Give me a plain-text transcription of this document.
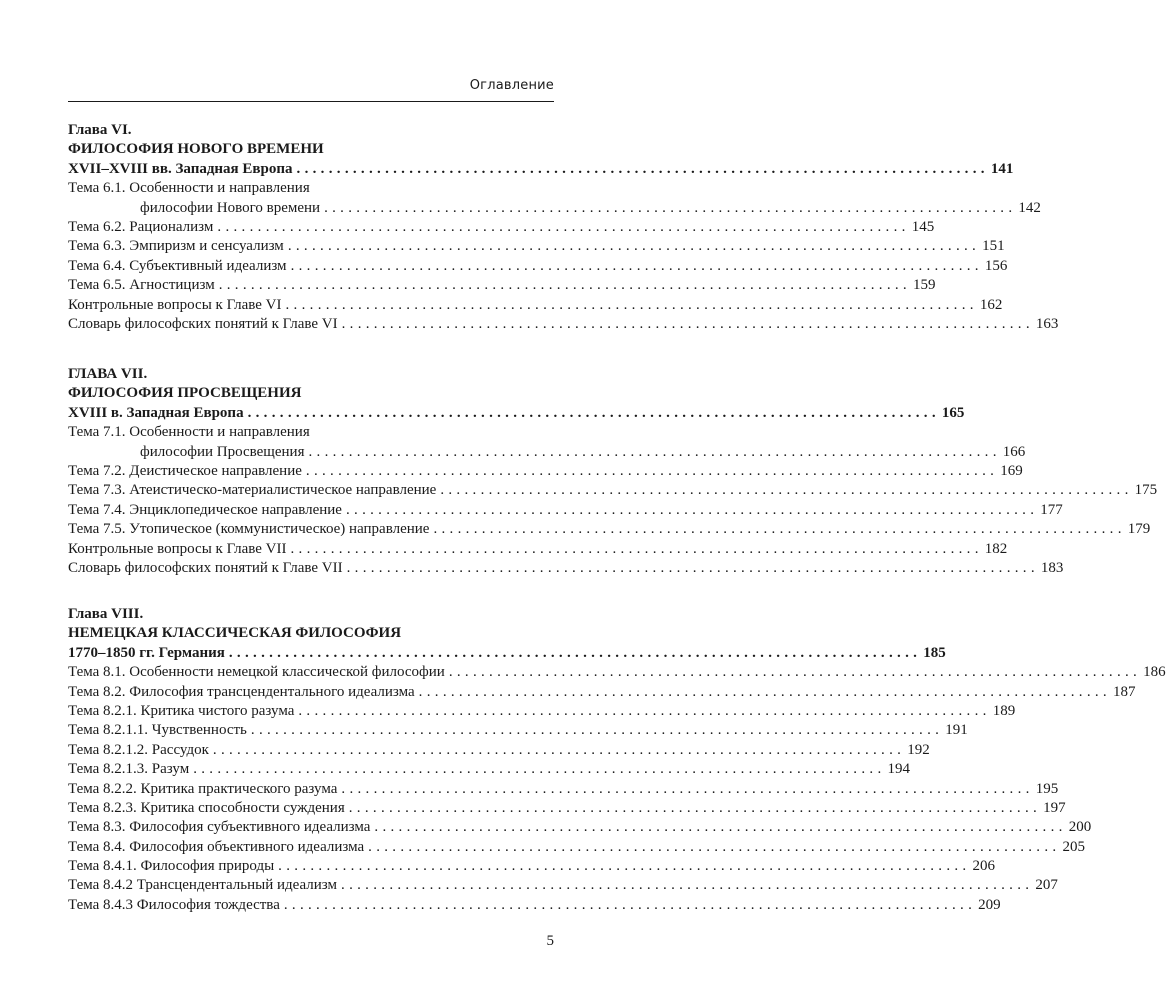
Оглавление
Глава VI.
ФИЛОСОФИЯ НОВОГО ВРЕМЕНИ
XVII–XVIII вв. Западная Европа ...................................................................................... 141
Тема 6.1. Особенности и направления
философии Нового времени ...................................................................................... 142
Тема 6.2. Рационализм ...................................................................................... 145
Тема 6.3. Эмпиризм и сенсуализм ...................................................................................... 151
Тема 6.4. Субъективный идеализм ...................................................................................... 156
Тема 6.5. Агностицизм ...................................................................................... 159
Контрольные вопросы к Главе VI ...................................................................................... 162
Словарь философских понятий к Главе VI ...................................................................................... 163
ГЛАВА VII.
ФИЛОСОФИЯ ПРОСВЕЩЕНИЯ
XVIII в. Западная Европа ...................................................................................... 165
Тема 7.1. Особенности и направления
философии Просвещения ...................................................................................... 166
Тема 7.2. Деистическое направление ...................................................................................... 169
Тема 7.3. Атеистическо-материалистическое направление ...................................................................................... 175
Тема 7.4. Энциклопедическое направление ...................................................................................... 177
Тема 7.5. Утопическое (коммунистическое) направление ...................................................................................... 179
Контрольные вопросы к Главе VII ...................................................................................... 182
Словарь философских понятий к Главе VII ...................................................................................... 183
Глава VIII.
НЕМЕЦКАЯ КЛАССИЧЕСКАЯ ФИЛОСОФИЯ
1770–1850 гг. Германия ...................................................................................... 185
Тема 8.1. Особенности немецкой классической философии ...................................................................................... 186
Тема 8.2. Философия трансцендентального идеализма ...................................................................................... 187
Тема 8.2.1. Критика чистого разума ...................................................................................... 189
Тема 8.2.1.1. Чувственность ...................................................................................... 191
Тема 8.2.1.2. Рассудок ...................................................................................... 192
Тема 8.2.1.3. Разум ...................................................................................... 194
Тема 8.2.2. Критика практического разума ...................................................................................... 195
Тема 8.2.3. Критика способности суждения ...................................................................................... 197
Тема 8.3. Философия субъективного идеализма ...................................................................................... 200
Тема 8.4. Философия объективного идеализма ...................................................................................... 205
Тема 8.4.1. Философия природы ...................................................................................... 206
Тема 8.4.2 Трансцендентальный идеализм ...................................................................................... 207
Тема 8.4.3 Философия тождества ...................................................................................... 209
5
